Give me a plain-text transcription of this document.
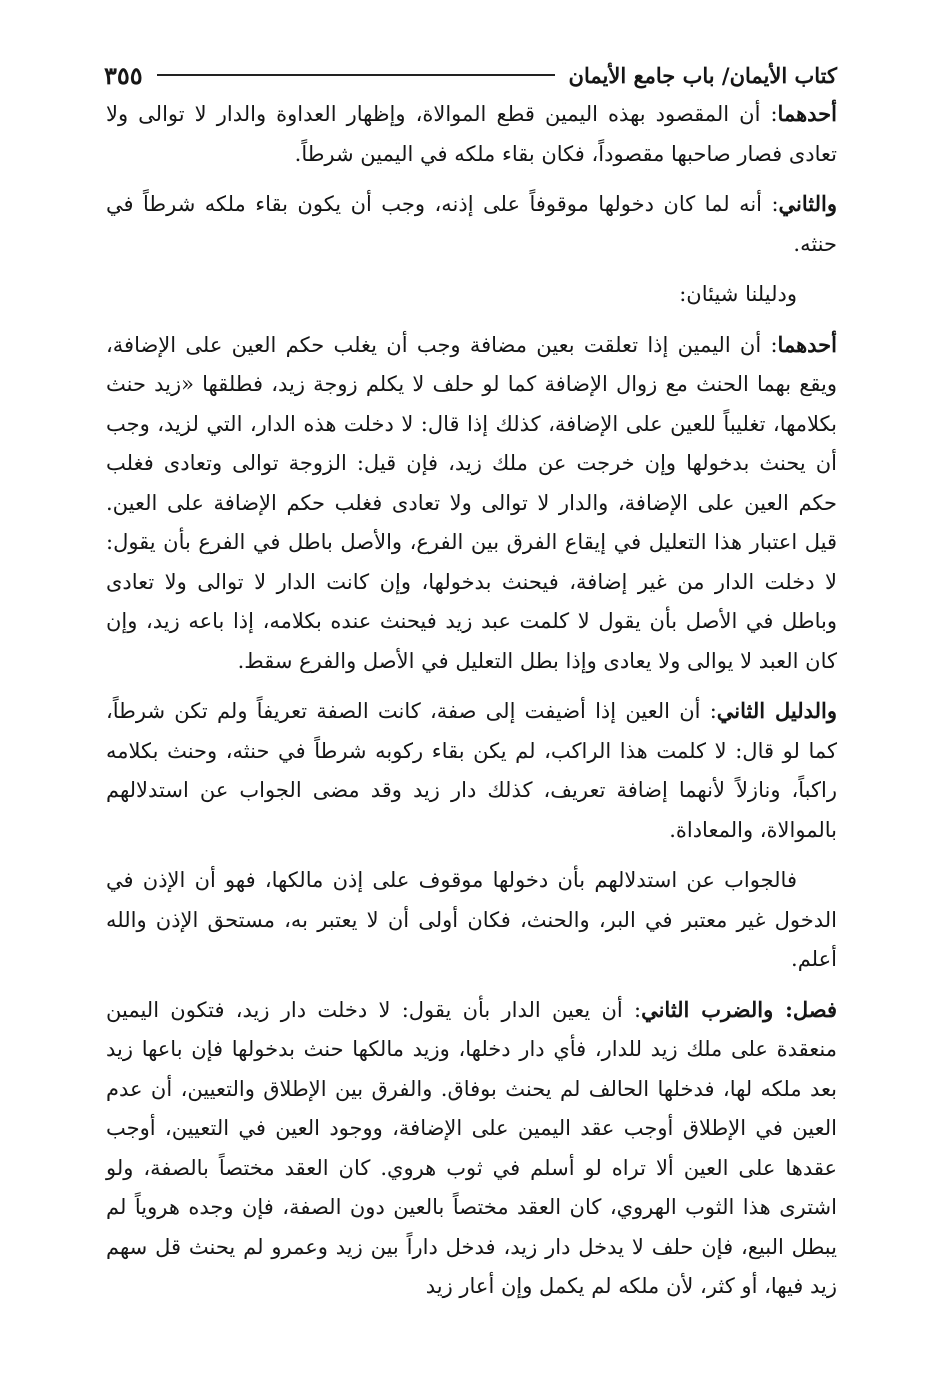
كتاب الأيمان/ باب جامع الأيمان
٣٥٥

أحدهما: أن المقصود بهذه اليمين قطع الموالاة، وإظهار العداوة والدار لا توالى ولا تعادى فصار صاحبها مقصوداً، فكان بقاء ملكه في اليمين شرطاً.

والثاني: أنه لما كان دخولها موقوفاً على إذنه، وجب أن يكون بقاء ملكه شرطاً في حنثه.

ودليلنا شيئان:

أحدهما: أن اليمين إذا تعلقت بعين مضافة وجب أن يغلب حكم العين على الإضافة، ويقع بهما الحنث مع زوال الإضافة كما لو حلف لا يكلم زوجة زيد، فطلقها «زيد حنث بكلامها، تغليباً للعين على الإضافة، كذلك إذا قال: لا دخلت هذه الدار، التي لزيد، وجب أن يحنث بدخولها وإن خرجت عن ملك زيد، فإن قيل: الزوجة توالى وتعادى فغلب حكم العين على الإضافة، والدار لا توالى ولا تعادى فغلب حكم الإضافة على العين. قيل اعتبار هذا التعليل في إيقاع الفرق بين الفرع، والأصل باطل في الفرع بأن يقول: لا دخلت الدار من غير إضافة، فيحنث بدخولها، وإن كانت الدار لا توالى ولا تعادى وباطل في الأصل بأن يقول لا كلمت عبد زيد فيحنث عنده بكلامه، إذا باعه زيد، وإن كان العبد لا يوالى ولا يعادى وإذا بطل التعليل في الأصل والفرع سقط.

والدليل الثاني: أن العين إذا أضيفت إلى صفة، كانت الصفة تعريفاً ولم تكن شرطاً، كما لو قال: لا كلمت هذا الراكب، لم يكن بقاء ركوبه شرطاً في حنثه، وحنث بكلامه راكباً، ونازلاً لأنهما إضافة تعريف، كذلك دار زيد وقد مضى الجواب عن استدلالهم بالموالاة، والمعاداة.

فالجواب عن استدلالهم بأن دخولها موقوف على إذن مالكها، فهو أن الإذن في الدخول غير معتبر في البر، والحنث، فكان أولى أن لا يعتبر به، مستحق الإذن والله أعلم.

فصل: والضرب الثاني: أن يعين الدار بأن يقول: لا دخلت دار زيد، فتكون اليمين منعقدة على ملك زيد للدار، فأي دار دخلها، وزيد مالكها حنث بدخولها فإن باعها زيد بعد ملكه لها، فدخلها الحالف لم يحنث بوفاق. والفرق بين الإطلاق والتعيين، أن عدم العين في الإطلاق أوجب عقد اليمين على الإضافة، ووجود العين في التعيين، أوجب عقدها على العين ألا تراه لو أسلم في ثوب هروي. كان العقد مختصاً بالصفة، ولو اشترى هذا الثوب الهروي، كان العقد مختصاً بالعين دون الصفة، فإن وجده هروياً لم يبطل البيع، فإن حلف لا يدخل دار زيد، فدخل داراً بين زيد وعمرو لم يحنث قل سهم زيد فيها، أو كثر، لأن ملكه لم يكمل وإن أعار زيد
